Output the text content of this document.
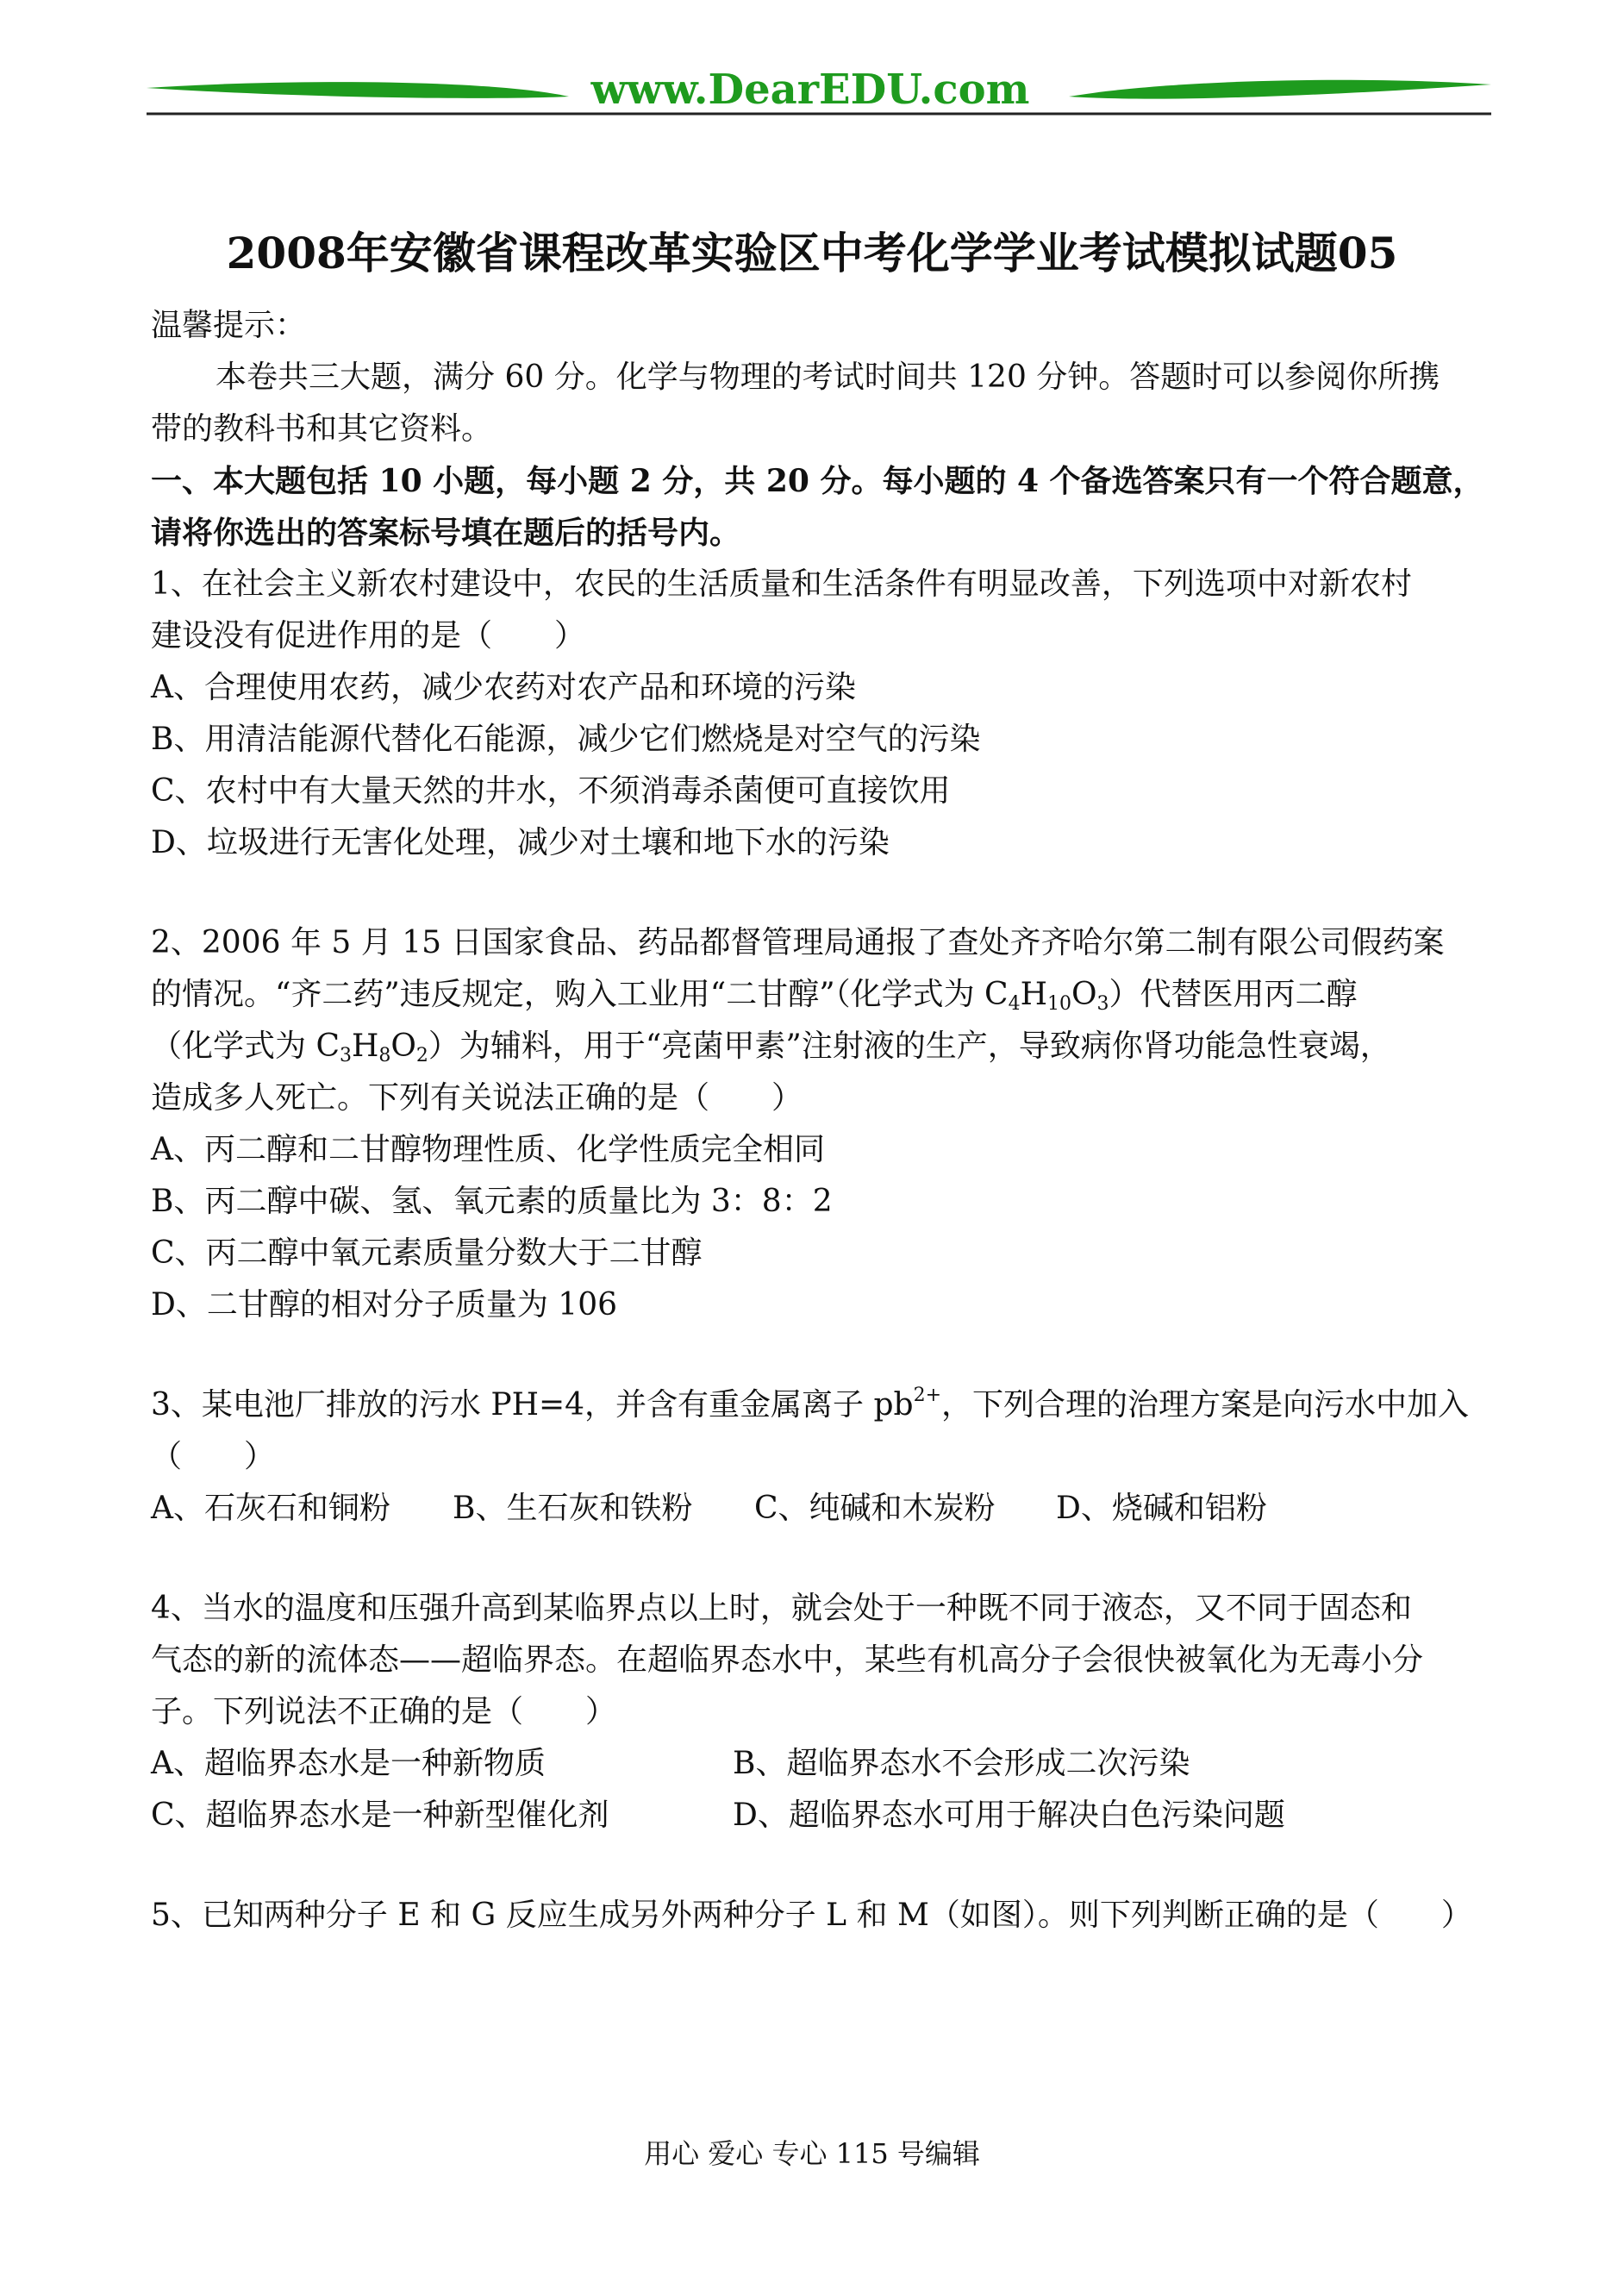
www.DearEDU.com
2008年安徽省课程改革实验区中考化学学业考试模拟试题05
温馨提示：
本卷共三大题，满分 60 分。化学与物理的考试时间共 120 分钟。答题时可以参阅你所携
带的教科书和其它资料。
一、本大题包括 10 小题，每小题 2 分，共 20 分。每小题的 4 个备选答案只有一个符合题意，
请将你选出的答案标号填在题后的括号内。
1、在社会主义新农村建设中，农民的生活质量和生活条件有明显改善，下列选项中对新农村
建设没有促进作用的是（　　）
A、合理使用农药，减少农药对农产品和环境的污染
B、用清洁能源代替化石能源，减少它们燃烧是对空气的污染
C、农村中有大量天然的井水，不须消毒杀菌便可直接饮用
D、垃圾进行无害化处理，减少对土壤和地下水的污染
2、2006 年 5 月 15 日国家食品、药品都督管理局通报了查处齐齐哈尔第二制有限公司假药案
的情况。“齐二药”违反规定，购入工业用“二甘醇”（化学式为 $C_4H_{10}O_3$）代替医用丙二醇
（化学式为 $C_3H_8O_2$）为辅料，用于“亮菌甲素”注射液的生产，导致病你肾功能急性衰竭，
造成多人死亡。下列有关说法正确的是（　　）
A、丙二醇和二甘醇物理性质、化学性质完全相同
B、丙二醇中碳、氢、氧元素的质量比为 3：8：2
C、丙二醇中氧元素质量分数大于二甘醇
D、二甘醇的相对分子质量为 106
3、某电池厂排放的污水 PH=4，并含有重金属离子 $pb^{2+}$，下列合理的治理方案是向污水中加入
（　　）
A、石灰石和铜粉 B、生石灰和铁粉 C、纯碱和木炭粉 D、烧碱和铝粉
4、当水的温度和压强升高到某临界点以上时，就会处于一种既不同于液态，又不同于固态和
气态的新的流体态——超临界态。在超临界态水中，某些有机高分子会很快被氧化为无毒小分
子。下列说法不正确的是（　　）
A、超临界态水是一种新物质	B、超临界态水不会形成二次污染
C、超临界态水是一种新型催化剂	D、超临界态水可用于解决白色污染问题
5、已知两种分子 E 和 G 反应生成另外两种分子 L 和 M（如图）。则下列判断正确的是（　　）
用心 爱心 专心 115 号编辑
